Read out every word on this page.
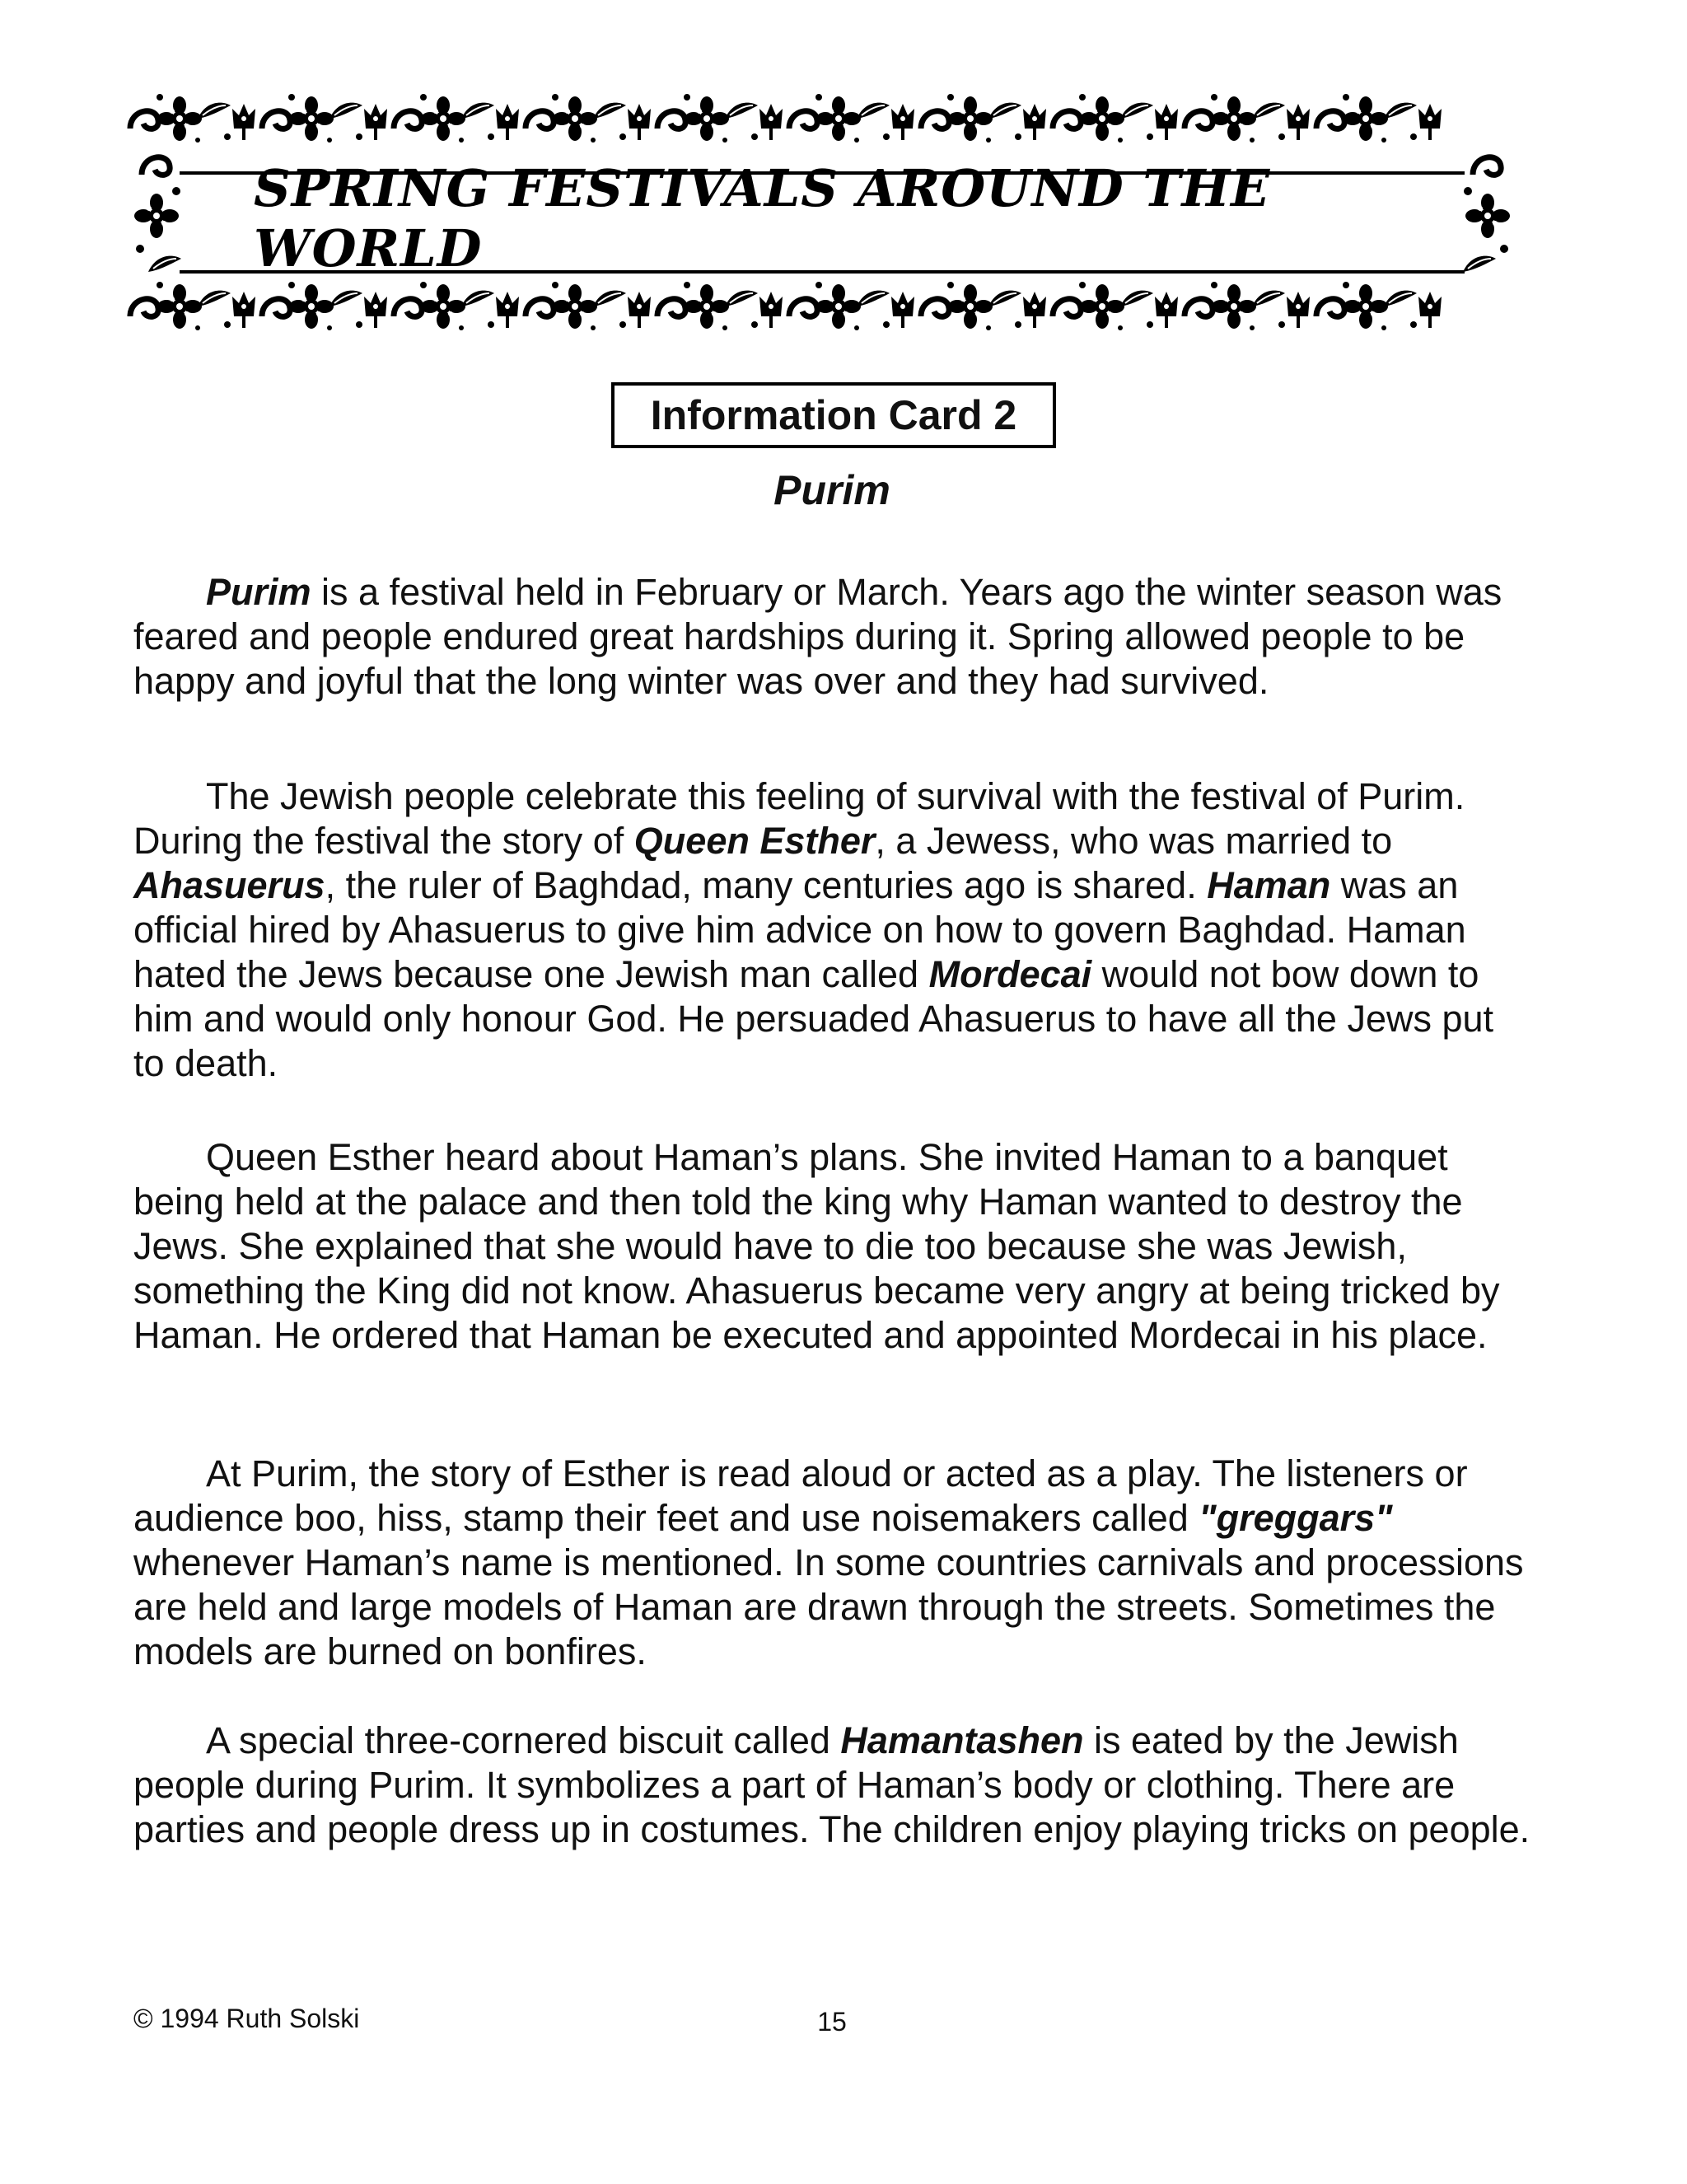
SPRING FESTIVALS AROUND THE WORLD
Information Card 2
Purim

Purim is a festival held in February or March. Years ago the winter season was feared and people endured great hardships during it. Spring allowed people to be happy and joyful that the long winter was over and they had survived.

The Jewish people celebrate this feeling of survival with the festival of Purim. During the festival the story of Queen Esther, a Jewess, who was married to Ahasuerus, the ruler of Baghdad, many centuries ago is shared. Haman was an official hired by Ahasuerus to give him advice on how to govern Baghdad. Haman hated the Jews because one Jewish man called Mordecai would not bow down to him and would only honour God. He persuaded Ahasuerus to have all the Jews put to death.

Queen Esther heard about Haman’s plans. She invited Haman to a banquet being held at the palace and then told the king why Haman wanted to destroy the Jews. She explained that she would have to die too because she was Jewish, something the King did not know. Ahasuerus became very angry at being tricked by Haman. He ordered that Haman be executed and appointed Mordecai in his place.

At Purim, the story of Esther is read aloud or acted as a play. The listeners or audience boo, hiss, stamp their feet and use noisemakers called "greggars" whenever Haman’s name is mentioned. In some countries carnivals and processions are held and large models of Haman are drawn through the streets. Sometimes the models are burned on bonfires.

A special three-cornered biscuit called Hamantashen is eated by the Jewish people during Purim. It symbolizes a part of Haman’s body or clothing. There are parties and people dress up in costumes. The children enjoy playing tricks on people.

© 1994 Ruth Solski	15
